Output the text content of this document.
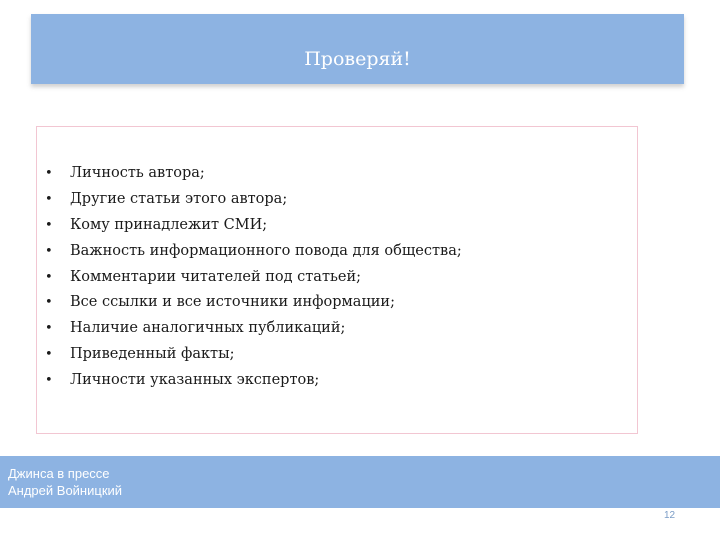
Проверяй!
• Личность автора;
• Другие статьи этого автора;
• Кому принадлежит СМИ;
• Важность информационного повода для общества;
• Комментарии читателей под статьей;
• Все ссылки и все источники информации;
• Наличие аналогичных публикаций;
• Приведенный факты;
• Личности указанных экспертов;
Джинса в прессе
Андрей Войницкий
12
